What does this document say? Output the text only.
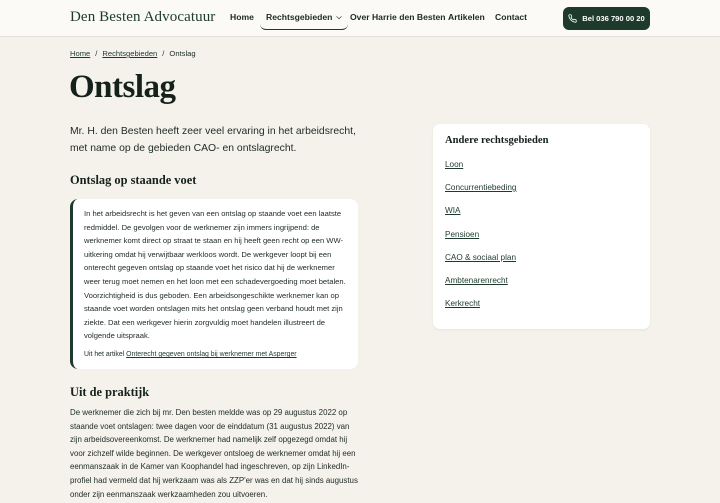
Den Besten Advocatuur Home	Rechtsgebieden ⌵ Over Harrie den Besten Artikelen Contact	Bel 036 790 00 20
Home / Rechtsgebieden / Ontslag
Ontslag

Mr. H. den Besten heeft zeer veel ervaring in het arbeidsrecht, met name op de gebieden CAO- en ontslagrecht.

Ontslag op staande voet

In het arbeidsrecht is het geven van een ontslag op staande voet een laatste redmiddel. De gevolgen voor de werknemer zijn immers ingrijpend: de werknemer komt direct op straat te staan en hij heeft geen recht op een WW-uitkering omdat hij verwijtbaar werkloos wordt. De werkgever loopt bij een onterecht gegeven ontslag op staande voet het risico dat hij de werknemer weer terug moet nemen en het loon met een schadevergoeding moet betalen. Voorzichtigheid is dus geboden. Een arbeidsongeschikte werknemer kan op staande voet worden ontslagen mits het ontslag geen verband houdt met zijn ziekte. Dat een werkgever hierin zorgvuldig moet handelen illustreert de volgende uitspraak.

Uit het artikel Onterecht gegeven ontslag bij werknemer met Asperger

Uit de praktijk

De werknemer die zich bij mr. Den besten meldde was op 29 augustus 2022 op staande voet ontslagen: twee dagen voor de einddatum (31 augustus 2022) van zijn arbeidsovereenkomst. De werknemer had namelijk zelf opgezegd omdat hij voor zichzelf wilde beginnen. De werkgever ontsloeg de werknemer omdat hij een eenmanszaak in de Kamer van Koophandel had ingeschreven, op zijn LinkedIn-profiel had vermeld dat hij werkzaam was als ZZP'er was en dat hij sinds augustus onder zijn eenmanszaak werkzaamheden zou uitvoeren.

Andere rechtsgebieden
Loon
Concurrentiebeding
WIA
Pensioen
CAO & sociaal plan
Ambtenarenrecht
Kerkrecht
